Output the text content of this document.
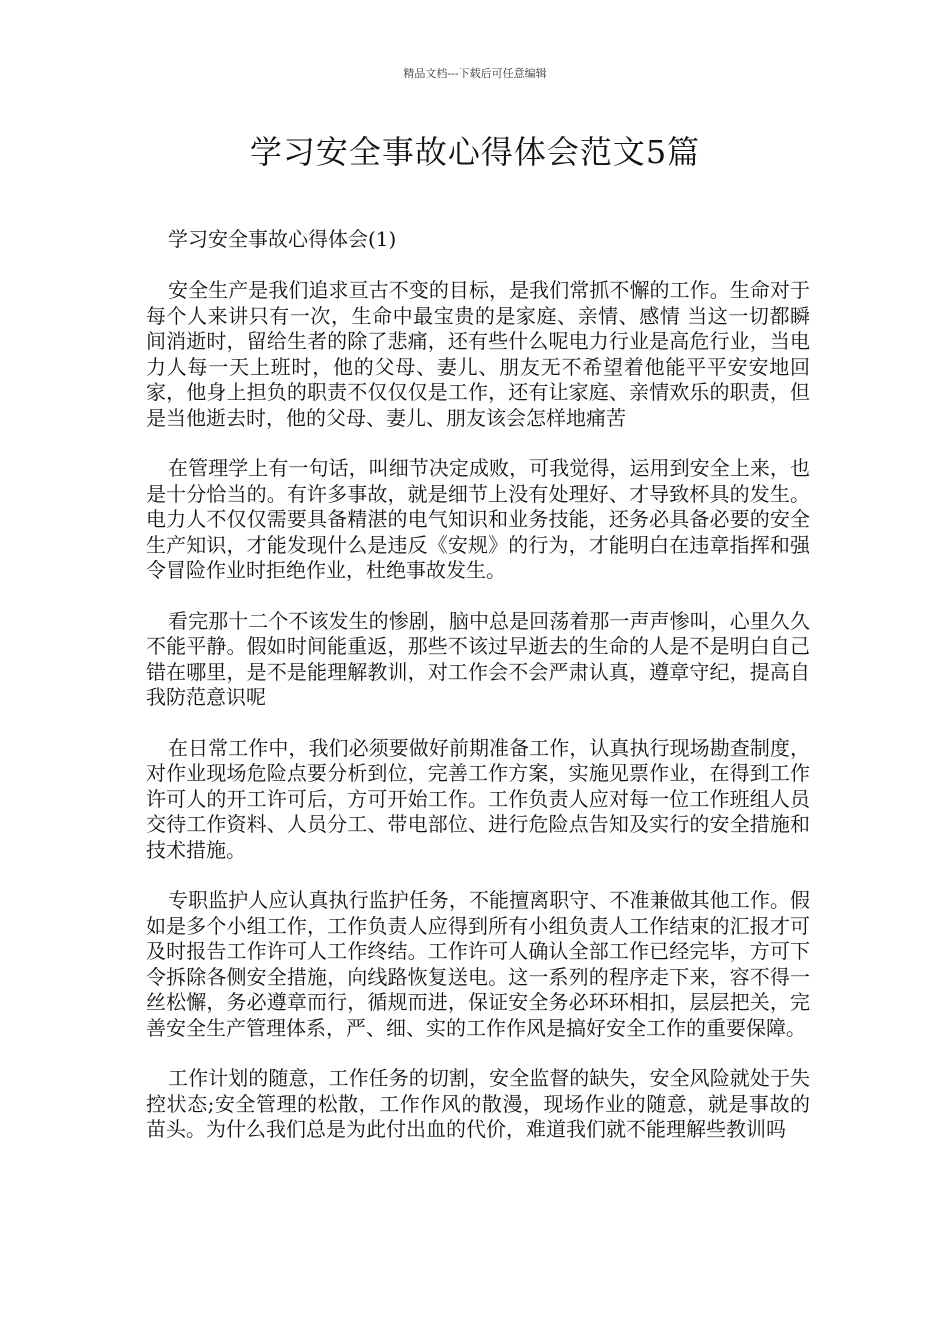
精品文档---下载后可任意编辑
学习安全事故心得体会范文5篇

学习安全事故心得体会(1)

安全生产是我们追求亘古不变的目标，是我们常抓不懈的工作。生命对于每个人来讲只有一次，生命中最宝贵的是家庭、亲情、感情 当这一切都瞬间消逝时，留给生者的除了悲痛，还有些什么呢电力行业是高危行业，当电力人每一天上班时，他的父母、妻儿、朋友无不希望着他能平平安安地回家，他身上担负的职责不仅仅仅是工作，还有让家庭、亲情欢乐的职责，但是当他逝去时，他的父母、妻儿、朋友该会怎样地痛苦

在管理学上有一句话，叫细节决定成败，可我觉得，运用到安全上来，也是十分恰当的。有许多事故，就是细节上没有处理好、才导致杯具的发生。电力人不仅仅需要具备精湛的电气知识和业务技能，还务必具备必要的安全生产知识，才能发现什么是违反《安规》的行为，才能明白在违章指挥和强令冒险作业时拒绝作业，杜绝事故发生。

看完那十二个不该发生的惨剧，脑中总是回荡着那一声声惨叫，心里久久不能平静。假如时间能重返，那些不该过早逝去的生命的人是不是明白自己错在哪里，是不是能理解教训，对工作会不会严肃认真，遵章守纪，提高自我防范意识呢

在日常工作中，我们必须要做好前期准备工作，认真执行现场勘查制度，对作业现场危险点要分析到位，完善工作方案，实施见票作业，在得到工作许可人的开工许可后，方可开始工作。工作负责人应对每一位工作班组人员交待工作资料、人员分工、带电部位、进行危险点告知及实行的安全措施和技术措施。

专职监护人应认真执行监护任务，不能擅离职守、不准兼做其他工作。假如是多个小组工作，工作负责人应得到所有小组负责人工作结束的汇报才可及时报告工作许可人工作终结。工作许可人确认全部工作已经完毕，方可下令拆除各侧安全措施，向线路恢复送电。这一系列的程序走下来，容不得一丝松懈，务必遵章而行，循规而进，保证安全务必环环相扣，层层把关，完善安全生产管理体系，严、细、实的工作作风是搞好安全工作的重要保障。

工作计划的随意，工作任务的切割，安全监督的缺失，安全风险就处于失控状态;安全管理的松散，工作作风的散漫，现场作业的随意，就是事故的苗头。为什么我们总是为此付出血的代价，难道我们就不能理解些教训吗
